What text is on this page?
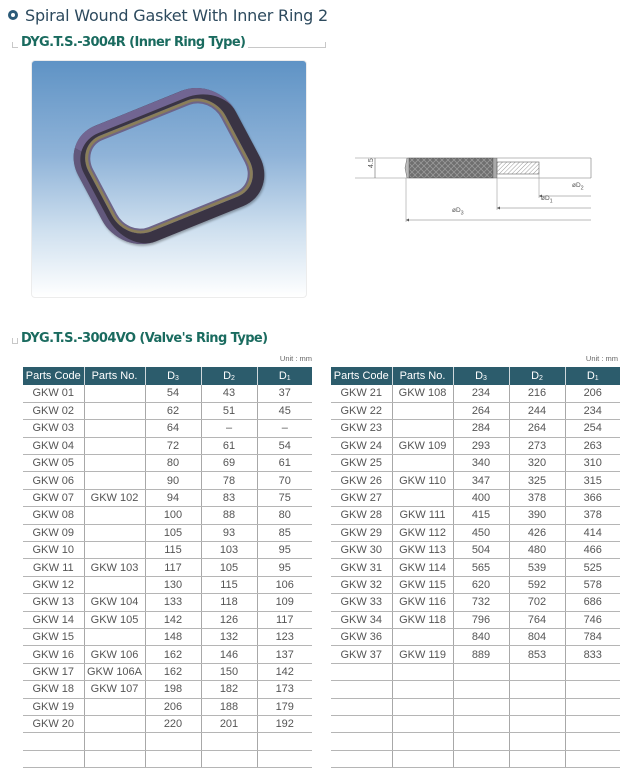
Spiral Wound Gasket With Inner Ring 2
DYG.T.S.-3004R (Inner Ring Type)
4.5
$øD_2$
$øD_1$
$øD_3$
DYG.T.S.-3004VO (Valve's Ring Type)
Unit : mm	Unit : mm
Parts Code	Parts No.	$D_3$	$D_2$	$D_1$
GKW 01		54	43	37
GKW 02		62	51	45
GKW 03		64	–	–
GKW 04		72	61	54
GKW 05		80	69	61
GKW 06		90	78	70
GKW 07	GKW 102	94	83	75
GKW 08		100	88	80
GKW 09		105	93	85
GKW 10		115	103	95
GKW 11	GKW 103	117	105	95
GKW 12		130	115	106
GKW 13	GKW 104	133	118	109
GKW 14	GKW 105	142	126	117
GKW 15		148	132	123
GKW 16	GKW 106	162	146	137
GKW 17	GKW 106A	162	150	142
GKW 18	GKW 107	198	182	173
GKW 19		206	188	179
GKW 20		220	201	192

Parts Code	Parts No.	$D_3$	$D_2$	$D_1$
GKW 21	GKW 108	234	216	206
GKW 22		264	244	234
GKW 23		284	264	254
GKW 24	GKW 109	293	273	263
GKW 25		340	320	310
GKW 26	GKW 110	347	325	315
GKW 27		400	378	366
GKW 28	GKW 111	415	390	378
GKW 29	GKW 112	450	426	414
GKW 30	GKW 113	504	480	466
GKW 31	GKW 114	565	539	525
GKW 32	GKW 115	620	592	578
GKW 33	GKW 116	732	702	686
GKW 34	GKW 118	796	764	746
GKW 36		840	804	784
GKW 37	GKW 119	889	853	833
